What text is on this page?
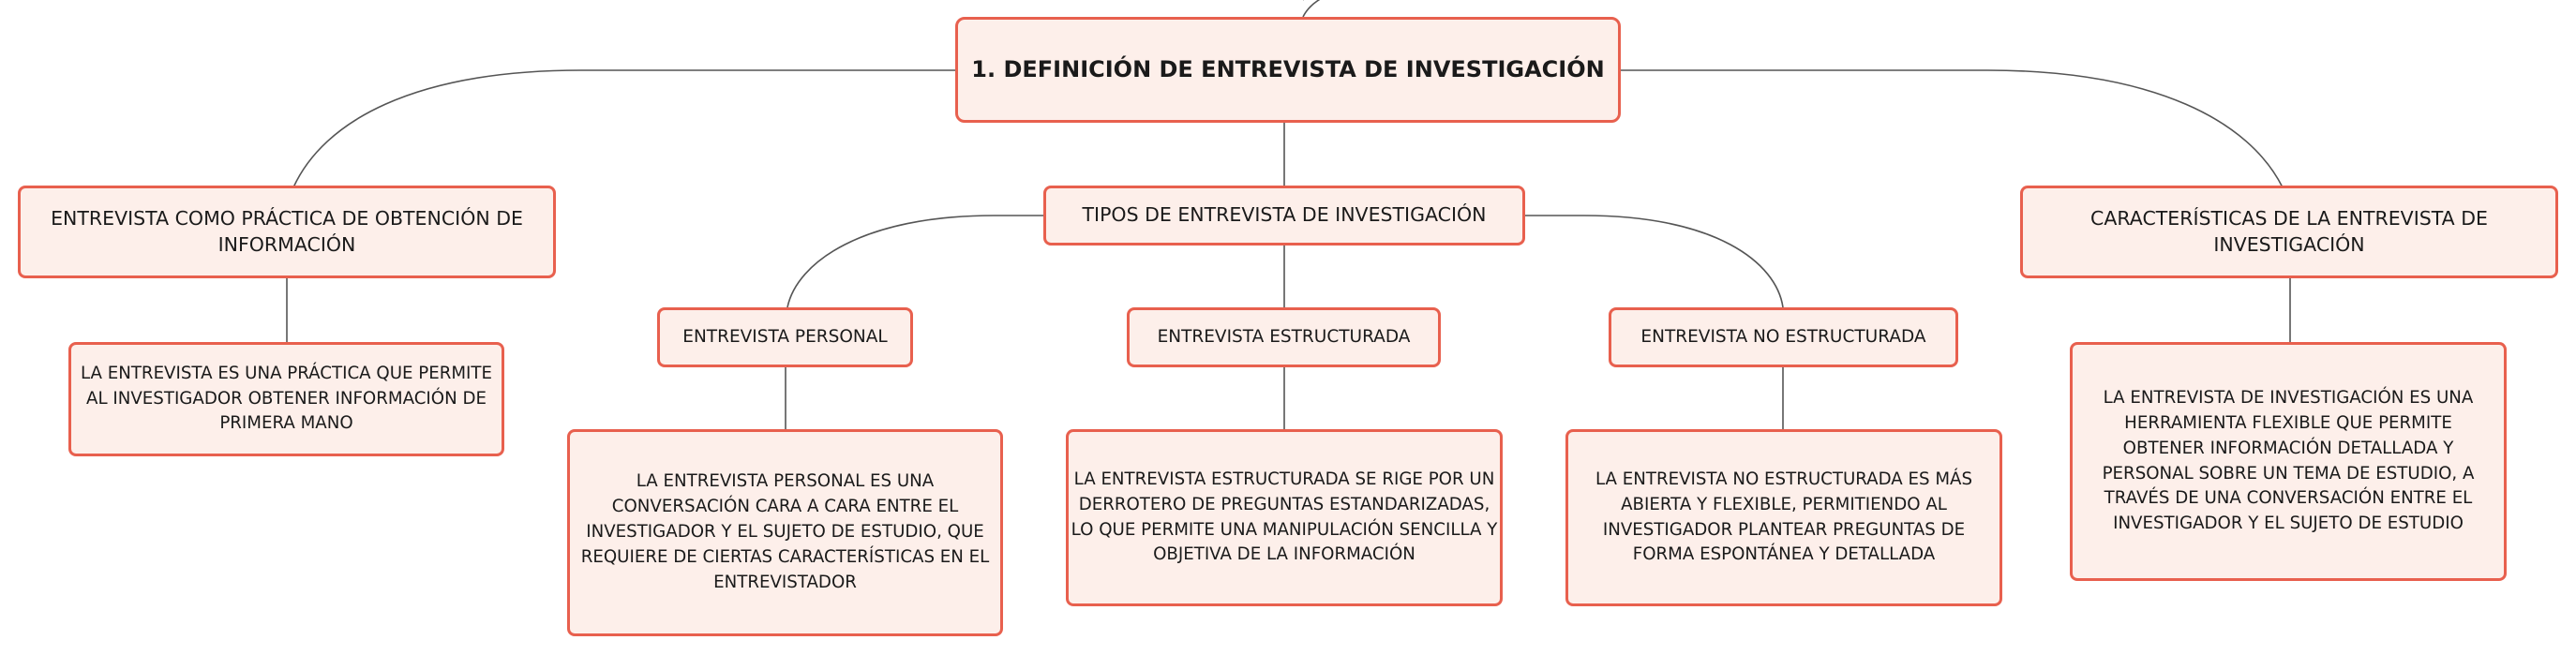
1. DEFINICIÓN DE ENTREVISTA DE INVESTIGACIÓN
ENTREVISTA COMO PRÁCTICA DE OBTENCIÓN DE INFORMACIÓN
LA ENTREVISTA ES UNA PRÁCTICA QUE PERMITE AL INVESTIGADOR OBTENER INFORMACIÓN DE PRIMERA MANO
TIPOS DE ENTREVISTA DE INVESTIGACIÓN
ENTREVISTA PERSONAL	ENTREVISTA ESTRUCTURADA	ENTREVISTA NO ESTRUCTURADA
LA ENTREVISTA PERSONAL ES UNA CONVERSACIÓN CARA A CARA ENTRE EL INVESTIGADOR Y EL SUJETO DE ESTUDIO, QUE REQUIERE DE CIERTAS CARACTERÍSTICAS EN EL ENTREVISTADOR
LA ENTREVISTA ESTRUCTURADA SE RIGE POR UN DERROTERO DE PREGUNTAS ESTANDARIZADAS, LO QUE PERMITE UNA MANIPULACIÓN SENCILLA Y OBJETIVA DE LA INFORMACIÓN
LA ENTREVISTA NO ESTRUCTURADA ES MÁS ABIERTA Y FLEXIBLE, PERMITIENDO AL INVESTIGADOR PLANTEAR PREGUNTAS DE FORMA ESPONTÁNEA Y DETALLADA
CARACTERÍSTICAS DE LA ENTREVISTA DE INVESTIGACIÓN
LA ENTREVISTA DE INVESTIGACIÓN ES UNA HERRAMIENTA FLEXIBLE QUE PERMITE OBTENER INFORMACIÓN DETALLADA Y PERSONAL SOBRE UN TEMA DE ESTUDIO, A TRAVÉS DE UNA CONVERSACIÓN ENTRE EL INVESTIGADOR Y EL SUJETO DE ESTUDIO
